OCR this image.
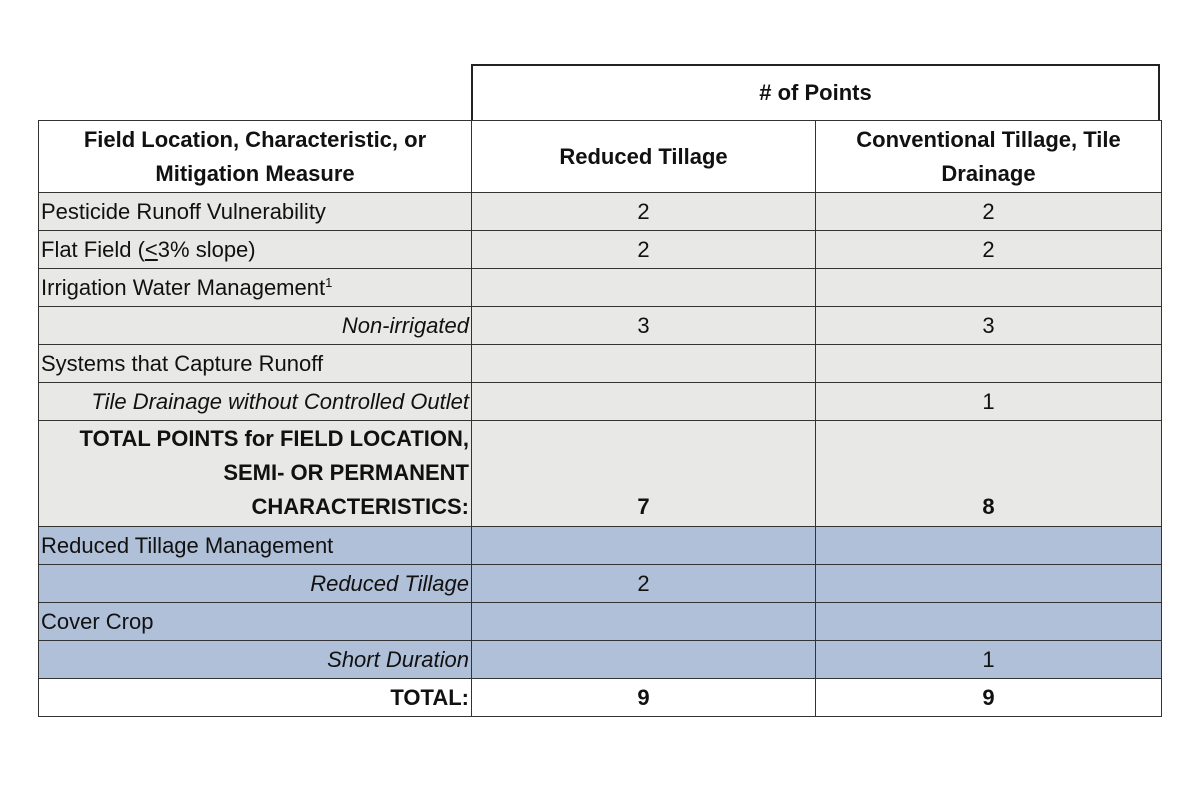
# of Points
Field Location, Characteristic, or Mitigation Measure	Reduced Tillage	Conventional Tillage, Tile Drainage
Pesticide Runoff Vulnerability	2	2
Flat Field (<3% slope)	2	2
Irrigation Water Management$^1$		
Non-irrigated	3	3
Systems that Capture Runoff		
Tile Drainage without Controlled Outlet		1

TOTAL POINTS for FIELD LOCATION,
SEMI- OR PERMANENT
CHARACTERISTICS:	7	8
Reduced Tillage Management		
Reduced Tillage	2	
Cover Crop		
Short Duration		1
TOTAL:	9	9
